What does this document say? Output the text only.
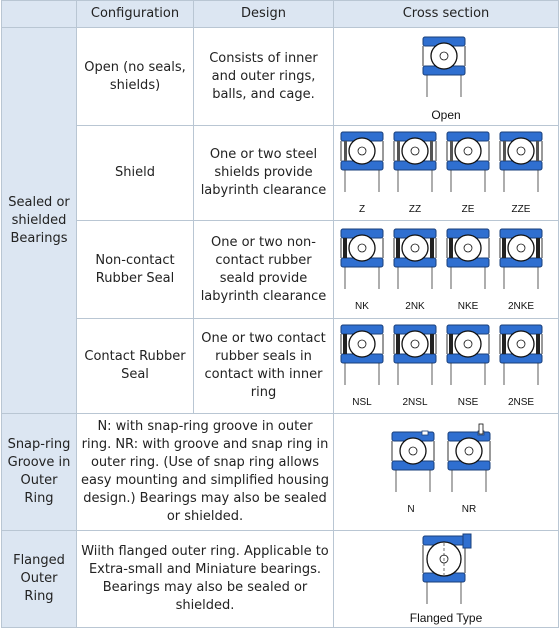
	Configuration	Design	Cross section
Sealed or shielded Bearings	Open (no seals, shields)	Consists of inner and outer rings, balls, and cage.	Open

	Shield	One or two steel shields provide labyrinth clearance	Z ZZ ZE ZZE

	Non-contact Rubber Seal	One or two non-contact rubber seald provide labyrinth clearance	NK 2NK NKE 2NKE

	Contact Rubber Seal	One or two contact rubber seals in contact with inner ring	NSL 2NSL NSE 2NSE

Snap-ring Groove in Outer Ring	N: with snap-ring groove in outer ring. NR: with groove and snap ring in outer ring. (Use of snap ring allows easy mounting and simplified housing design.) Bearings may also be sealed or shielded.		N NR

Flanged Outer Ring	Wiith flanged outer ring. Applicable to Extra-small and Miniature bearings. Bearings may also be sealed or shielded.		Flanged Type
